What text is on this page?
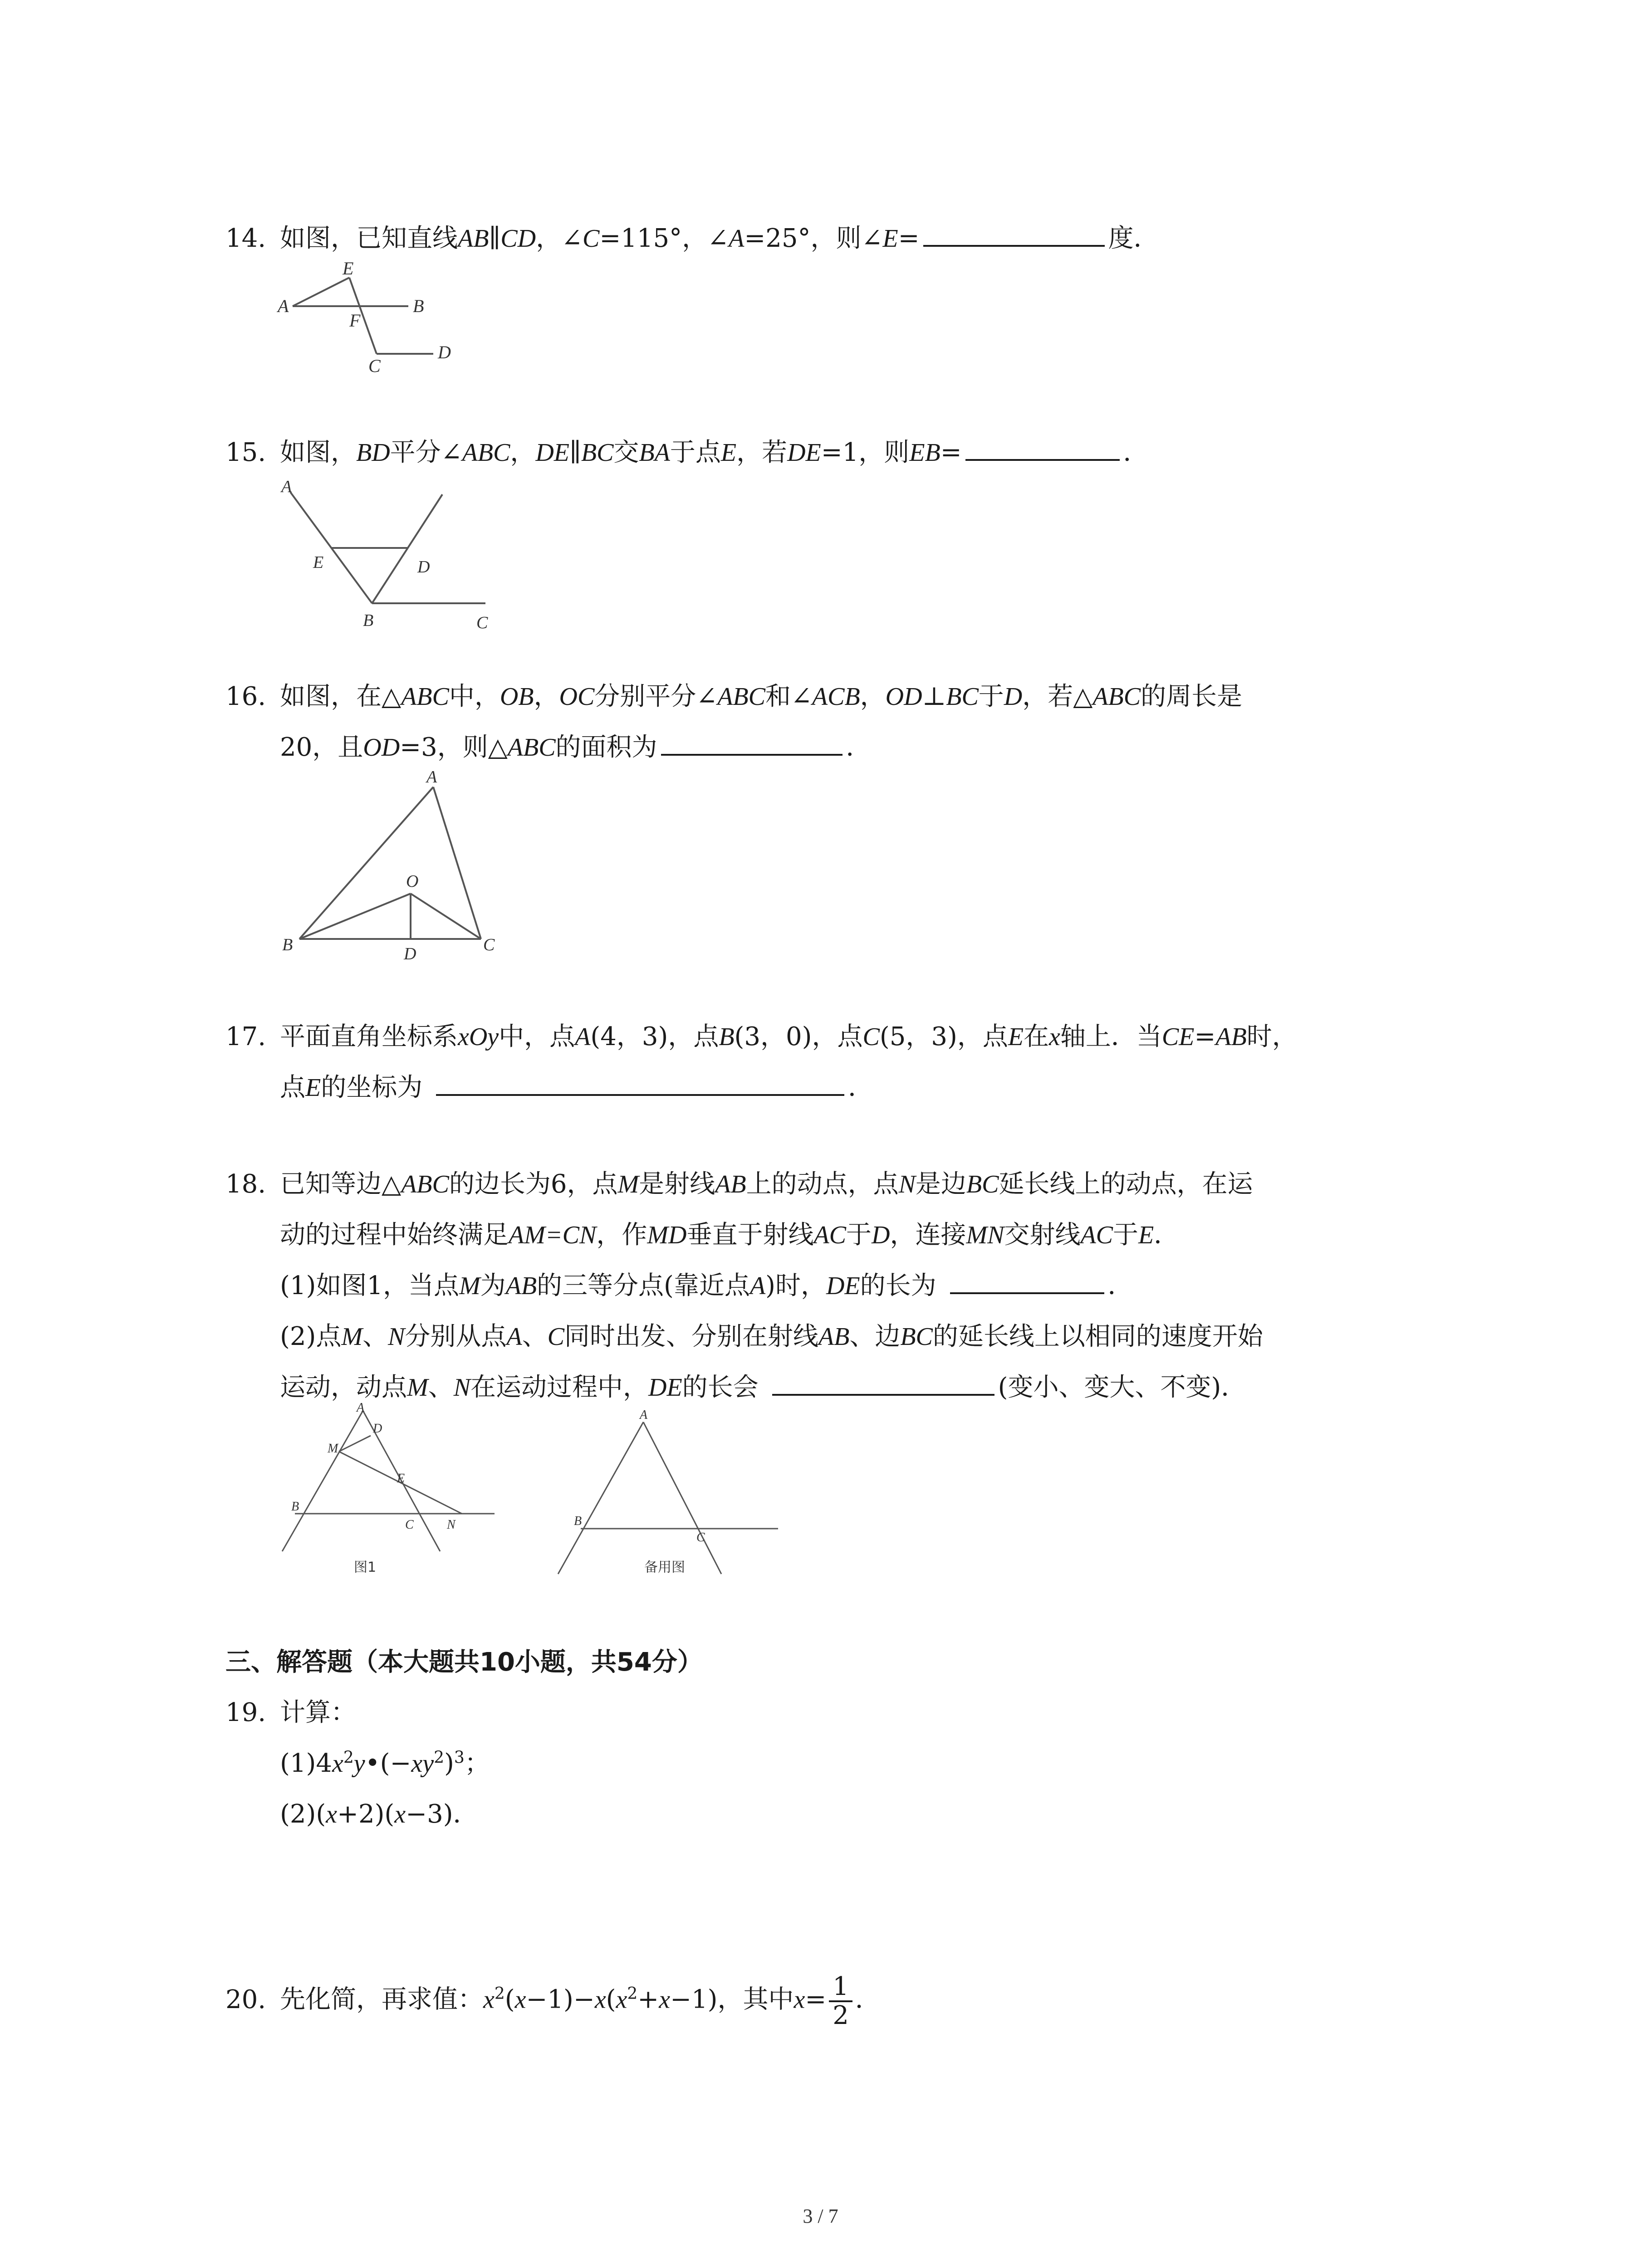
14. 如图，已知直线AB∥CD，∠C=115°，∠A=25°，则∠E=	度．
A
E
F
B
C
D
15. 如图，BD平分∠ABC，DE∥BC交BA于点E，若DE=1，则EB=	．
A
E	D
B	C
16. 如图，在△ABC中，OB，OC分别平分∠ABC和∠ACB，OD⊥BC于D，若△ABC的周长是
20，且OD=3，则△ABC的面积为	．
A
O
B	D	C
17. 平面直角坐标系xOy中，点A(4，3)，点B(3，0)，点C(5，3)，点E在x轴上．当CE=AB时，
点E的坐标为	．
18. 已知等边△ABC的边长为6，点M是射线AB上的动点，点N是边BC延长线上的动点，在运
动的过程中始终满足AM=CN，作MD垂直于射线AC于D，连接MN交射线AC于E．
(1)如图1，当点M为AB的三等分点(靠近点A)时，DE的长为	．
(2)点M、N分别从点A、C同时出发、分别在射线AB、边BC的延长线上以相同的速度开始
运动，动点M、N在运动过程中，DE的长会	(变小、变大、不变)．
A
D
M
E
B
C	N
图1
A
B
C
备用图
三、解答题（本大题共10小题，共54分）
19. 计算：
$(1)4x^2y•(-xy^2)^3$；
(2)(x+2)(x−3)．
20. 先化简，再求值：$x^2(x-1)-x(x^2+x-1)$，其中$x= \frac{1}{2}$ ．
3 / 7
